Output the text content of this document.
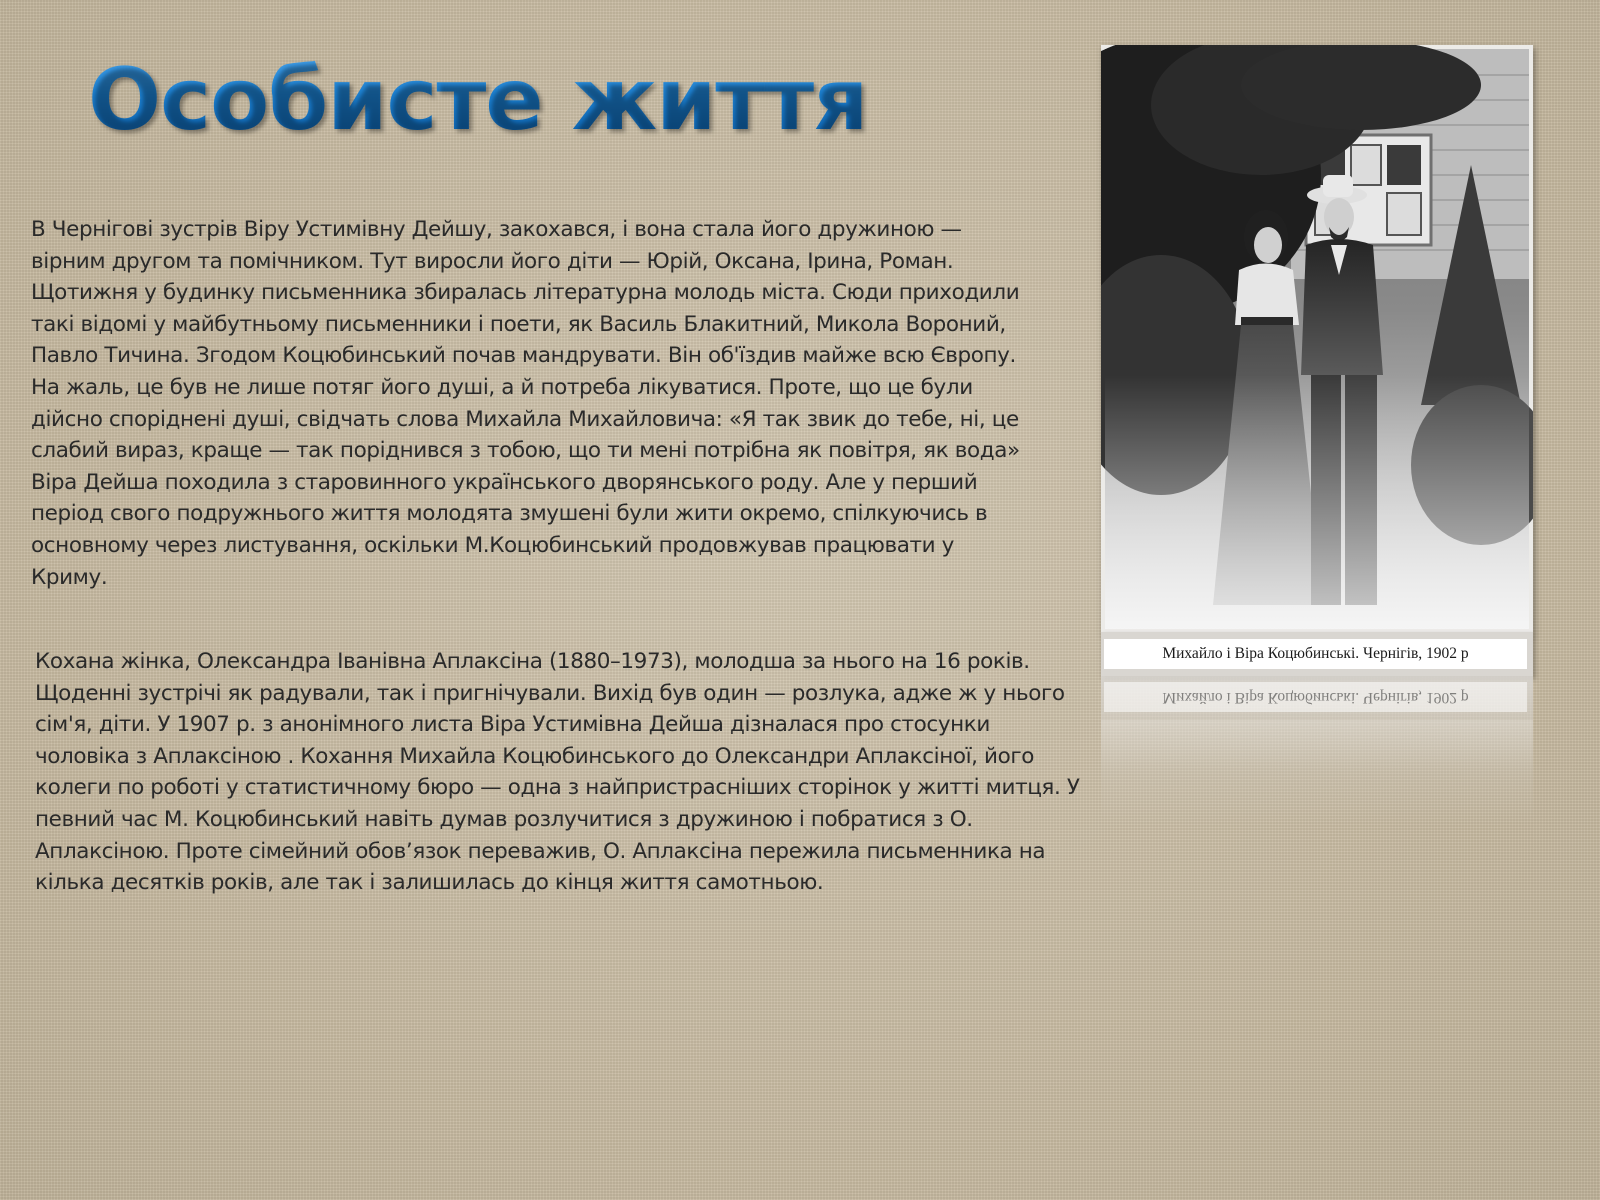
Особисте життя
В Чернігові зустрів Віру Устимівну Дейшу, закохався, і вона стала його дружиною —
вірним другом та помічником. Тут виросли його діти — Юрій, Оксана, Ірина, Роман.
Щотижня у будинку письменника збиралась літературна молодь міста. Сюди приходили
такі відомі у майбутньому письменники і поети, як Василь Блакитний, Микола Вороний,
Павло Тичина. Згодом Коцюбинський почав мандрувати. Він об'їздив майже всю Європу.
На жаль, це був не лише потяг його душі, а й потреба лікуватися. Проте, що це були
дійсно споріднені душі, свідчать слова Михайла Михайловича: «Я так звик до тебе, ні, це
слабий вираз, краще — так поріднився з тобою, що ти мені потрібна як повітря, як вода»
Віра Дейша походила з старовинного українського дворянського роду. Але у перший
період свого подружнього життя молодята змушені були жити окремо, спілкуючись в
основному через листування, оскільки М.Коцюбинський продовжував працювати у
Криму.
Кохана жінка, Олександра Іванівна Аплаксіна (1880–1973), молодша за нього на 16 років.
Щоденні зустрічі як радували, так і пригнічували. Вихід був один — розлука, адже ж у нього
сім'я, діти. У 1907 р. з анонімного листа Віра Устимівна Дейша дізналася про стосунки
чоловіка з Аплаксіною . Кохання Михайла Коцюбинського до Олександри Аплаксіної, його
колеги по роботі у статистичному бюро — одна з найпристрасніших сторінок у житті митця. У
певний час М. Коцюбинський навіть думав розлучитися з дружиною і побратися з О.
Аплаксіною. Проте сімейний обов’язок переважив, О. Аплаксіна пережила письменника на
кілька десятків років, але так і залишилась до кінця життя самотньою.
Михайло і Віра Коцюбинські. Чернігів, 1902 р
Михайло і Віра Коцюбинські. Чернігів, 1902 р
